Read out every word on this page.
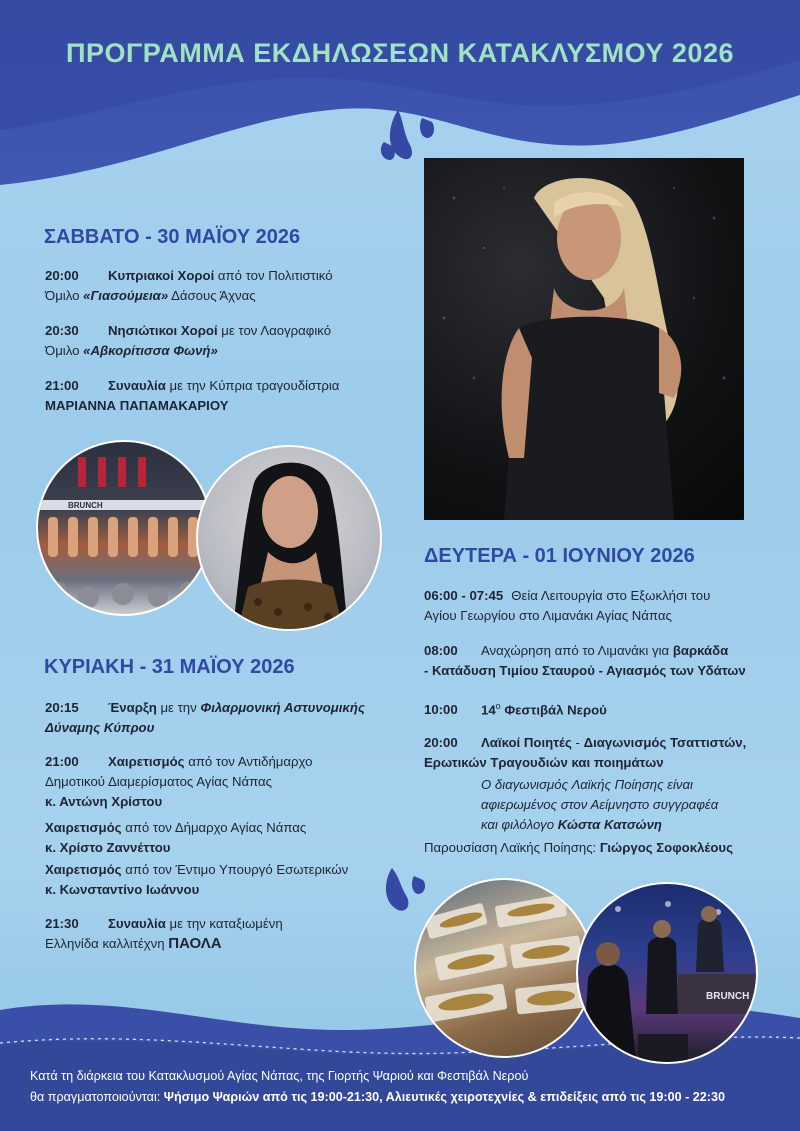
ΠΡΟΓΡΑΜΜΑ ΕΚΔΗΛΩΣΕΩΝ ΚΑΤΑΚΛΥΣΜΟΥ 2026
ΣΑΒΒΑΤΟ - 30 ΜΑΪΟΥ 2026
20:00 Κυπριακοί Χοροί από τον Πολιτιστικό
Όμιλο «Γιασούμεια» Δάσους Άχνας
20:30 Νησιώτικοι Χοροί με τον Λαογραφικό
Όμιλο «Αβκορίτισσα Φωνή»
21:00 Συναυλία με την Κύπρια τραγουδίστρια
ΜΑΡΙΑΝΝΑ ΠΑΠΑΜΑΚΑΡΙΟΥ
BRUNCH
ΚΥΡΙΑΚΗ - 31 ΜΑΪΟΥ 2026
20:15 Έναρξη με την Φιλαρμονική Αστυνομικής
Δύναμης Κύπρου
21:00 Χαιρετισμός από τον Αντιδήμαρχο
Δημοτικού Διαμερίσματος Αγίας Νάπας
κ. Αντώνη Χρίστου
Χαιρετισμός από τον Δήμαρχο Αγίας Νάπας
κ. Χρίστο Ζαννέττου
Χαιρετισμός από τον Έντιμο Υπουργό Εσωτερικών
κ. Κωνσταντίνο Ιωάννου
21:30 Συναυλία με την καταξιωμένη
Ελληνίδα καλλιτέχνη ΠΑΟΛΑ
ΔΕΥΤΕΡΑ - 01 ΙΟΥΝΙΟΥ 2026
06:00 - 07:45 Θεία Λειτουργία στο Εξωκλήσι του
Αγίου Γεωργίου στο Λιμανάκι Αγίας Νάπας
08:00 Αναχώρηση από το Λιμανάκι για βαρκάδα
- Κατάδυση Τιμίου Σταυρού - Αγιασμός των Υδάτων
10:00 $14^o$ Φεστιβάλ Νερού
20:00 Λαϊκοί Ποιητές - Διαγωνισμός Τσαττιστών,
Ερωτικών Τραγουδιών και ποιημάτων
Ο διαγωνισμός Λαϊκής Ποίησης είναι
αφιερωμένος στον Αείμνηστο συγγραφέα
και φιλόλογο Κώστα Κατσώνη
Παρουσίαση Λαϊκής Ποίησης: Γιώργος Σοφοκλέους
BRUNCH
Κατά τη διάρκεια του Κατακλυσμού Αγίας Νάπας, της Γιορτής Ψαριού και Φεστιβάλ Νερού
θα πραγματοποιούνται: Ψήσιμο Ψαριών από τις 19:00-21:30, Αλιευτικές χειροτεχνίες & επιδείξεις από τις 19:00 - 22:30
